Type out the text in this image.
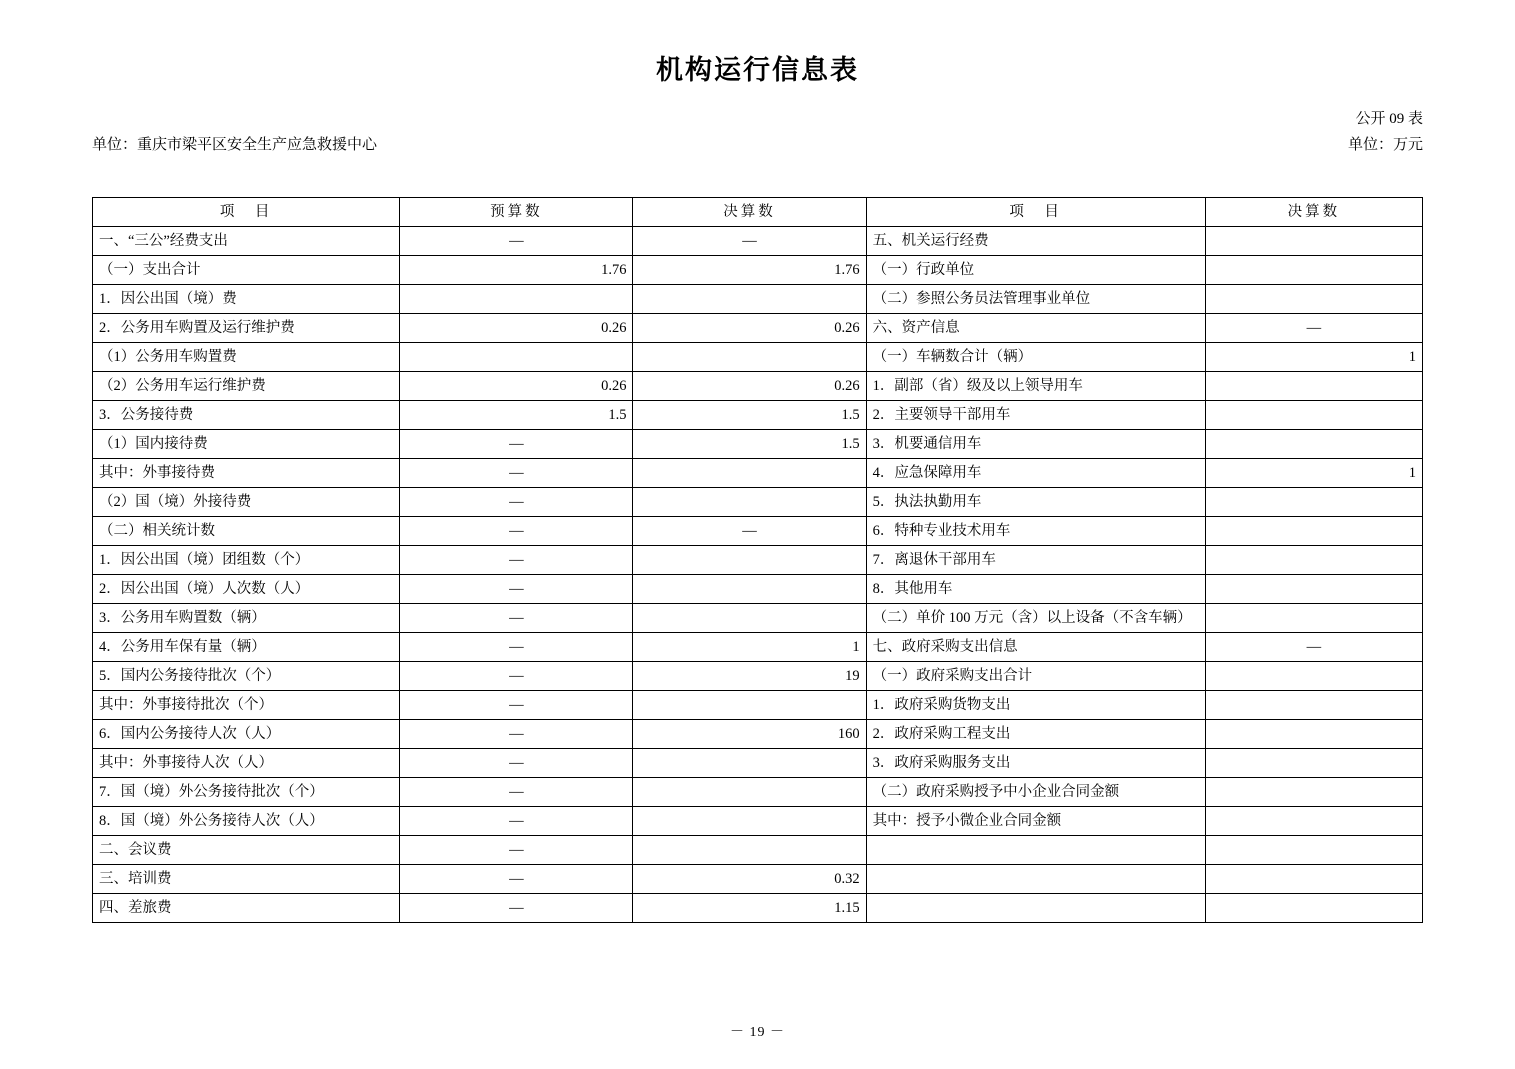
机构运行信息表
公开 09 表
单位：重庆市梁平区安全生产应急救援中心	单位：万元
项　目	预算数	决算数	项　目	决算数
一、“三公”经费支出	—	—	五、机关运行经费	
（一）支出合计	1.76	1.76	（一）行政单位	
1．因公出国（境）费			（二）参照公务员法管理事业单位	
2．公务用车购置及运行维护费	0.26	0.26	六、资产信息	—
（1）公务用车购置费			（一）车辆数合计（辆）	1
（2）公务用车运行维护费	0.26	0.26	1．副部（省）级及以上领导用车	
3．公务接待费	1.5	1.5	2．主要领导干部用车	
（1）国内接待费	—	1.5	3．机要通信用车	
其中：外事接待费	—		4．应急保障用车	1
（2）国（境）外接待费	—		5．执法执勤用车	
（二）相关统计数	—	—	6．特种专业技术用车	
1．因公出国（境）团组数（个）	—		7．离退休干部用车	
2．因公出国（境）人次数（人）	—		8．其他用车	
3．公务用车购置数（辆）	—		（二）单价 100 万元（含）以上设备（不含车辆）	
4．公务用车保有量（辆）	—	1	七、政府采购支出信息	—
5．国内公务接待批次（个）	—	19	（一）政府采购支出合计	
其中：外事接待批次（个）	—		1．政府采购货物支出	
6．国内公务接待人次（人）	—	160	2．政府采购工程支出	
其中：外事接待人次（人）	—		3．政府采购服务支出	
7．国（境）外公务接待批次（个）	—		（二）政府采购授予中小企业合同金额	
8．国（境）外公务接待人次（人）	—		其中：授予小微企业合同金额	
二、会议费	—			
三、培训费	—	0.32		
四、差旅费	—	1.15		
－ 19 －
